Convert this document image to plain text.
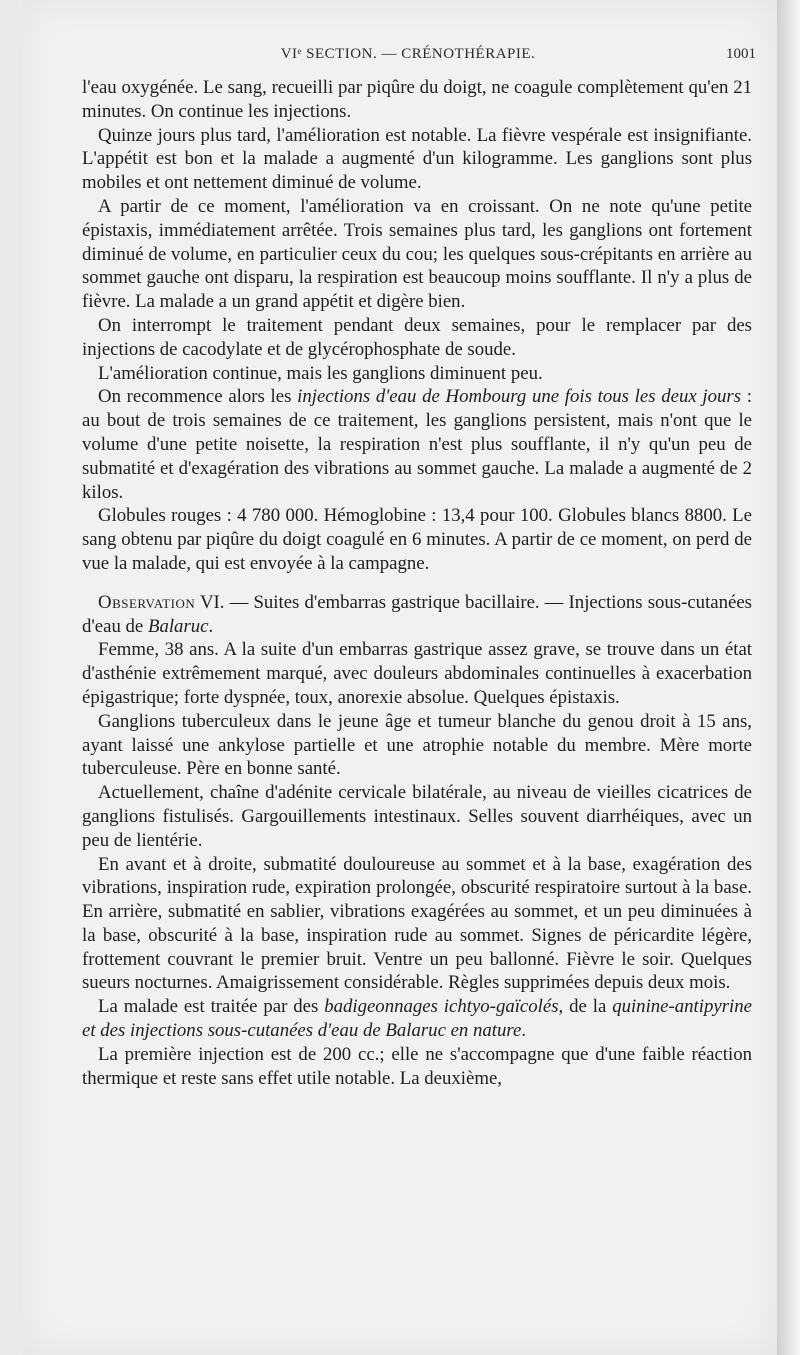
VIᵉ SECTION. — CRÉNOTHÉRAPIE.	1001

l'eau oxygénée. Le sang, recueilli par piqûre du doigt, ne coagule complètement qu'en 21 minutes. On continue les injections.

Quinze jours plus tard, l'amélioration est notable. La fièvre vespérale est insignifiante. L'appétit est bon et la malade a augmenté d'un kilogramme. Les ganglions sont plus mobiles et ont nettement diminué de volume.

A partir de ce moment, l'amélioration va en croissant. On ne note qu'une petite épistaxis, immédiatement arrêtée. Trois semaines plus tard, les ganglions ont fortement diminué de volume, en particulier ceux du cou; les quelques sous-crépitants en arrière au sommet gauche ont disparu, la respiration est beaucoup moins soufflante. Il n'y a plus de fièvre. La malade a un grand appétit et digère bien.

On interrompt le traitement pendant deux semaines, pour le remplacer par des injections de cacodylate et de glycérophosphate de soude.

L'amélioration continue, mais les ganglions diminuent peu.

On recommence alors les injections d'eau de Hombourg une fois tous les deux jours : au bout de trois semaines de ce traitement, les ganglions persistent, mais n'ont que le volume d'une petite noisette, la respiration n'est plus soufflante, il n'y qu'un peu de submatité et d'exagération des vibrations au sommet gauche. La malade a augmenté de 2 kilos.

Globules rouges : 4 780 000. Hémoglobine : 13,4 pour 100. Globules blancs 8800. Le sang obtenu par piqûre du doigt coagulé en 6 minutes. A partir de ce moment, on perd de vue la malade, qui est envoyée à la campagne.

Observation VI. — Suites d'embarras gastrique bacillaire. — Injections sous-cutanées d'eau de Balaruc.

Femme, 38 ans. A la suite d'un embarras gastrique assez grave, se trouve dans un état d'asthénie extrêmement marqué, avec douleurs abdominales continuelles à exacerbation épigastrique; forte dyspnée, toux, anorexie absolue. Quelques épistaxis.

Ganglions tuberculeux dans le jeune âge et tumeur blanche du genou droit à 15 ans, ayant laissé une ankylose partielle et une atrophie notable du membre. Mère morte tuberculeuse. Père en bonne santé.

Actuellement, chaîne d'adénite cervicale bilatérale, au niveau de vieilles cicatrices de ganglions fistulisés. Gargouillements intestinaux. Selles souvent diarrhéiques, avec un peu de lientérie.

En avant et à droite, submatité douloureuse au sommet et à la base, exagération des vibrations, inspiration rude, expiration prolongée, obscurité respiratoire surtout à la base. En arrière, submatité en sablier, vibrations exagérées au sommet, et un peu diminuées à la base, obscurité à la base, inspiration rude au sommet. Signes de péricardite légère, frottement couvrant le premier bruit. Ventre un peu ballonné. Fièvre le soir. Quelques sueurs nocturnes. Amaigrissement considérable. Règles supprimées depuis deux mois.

La malade est traitée par des badigeonnages ichtyo-gaïcolés, de la quinine-antipyrine et des injections sous-cutanées d'eau de Balaruc en nature.

La première injection est de 200 cc.; elle ne s'accompagne que d'une faible réaction thermique et reste sans effet utile notable. La deuxième,
